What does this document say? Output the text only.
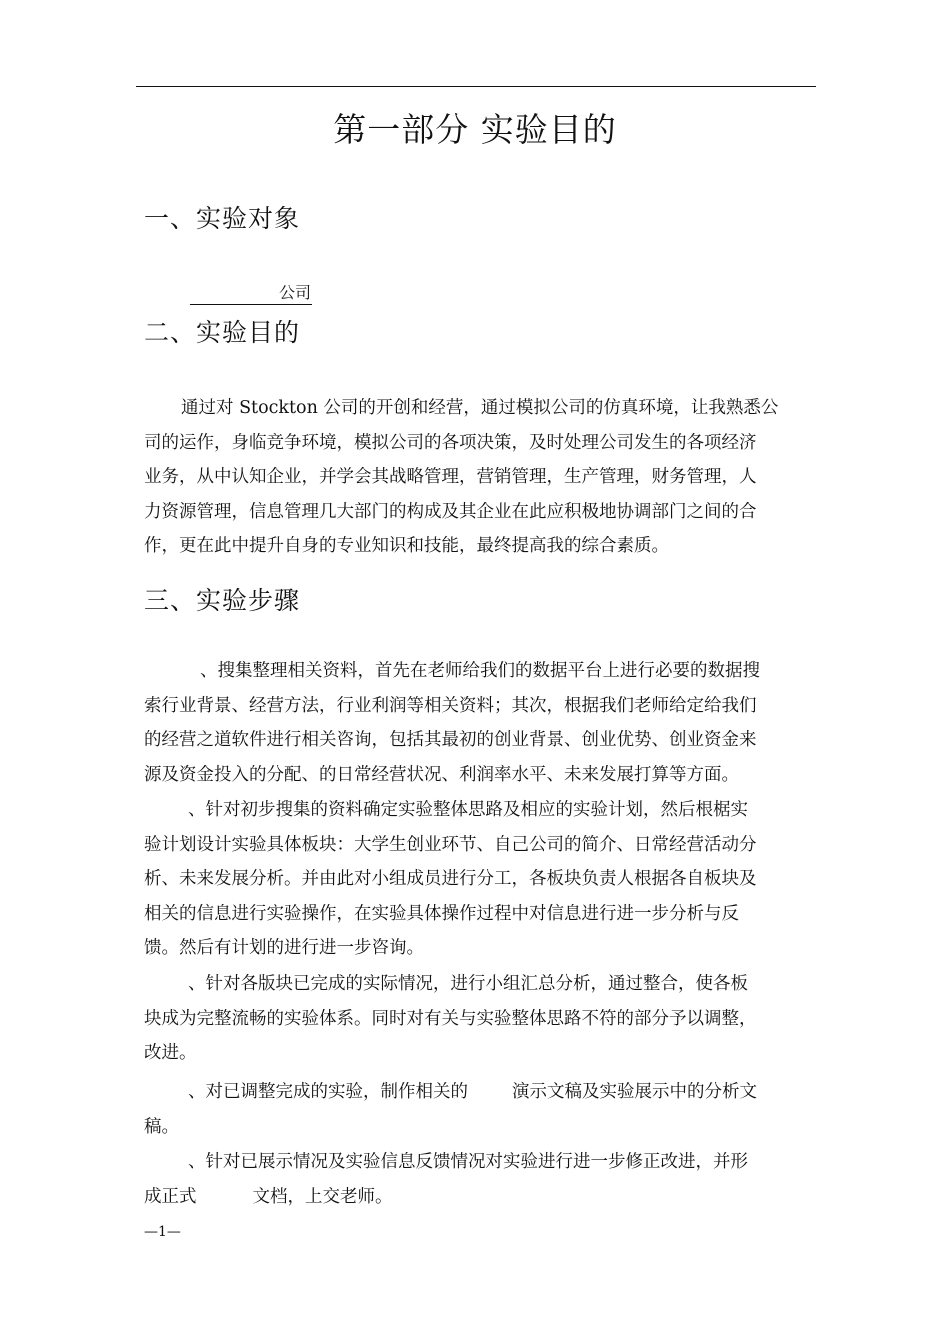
第一部分 实验目的
一、实验对象
公司
二、实验目的
通过对 Stockton 公司的开创和经营，通过模拟公司的仿真环境，让我熟悉公
司的运作，身临竞争环境，模拟公司的各项决策，及时处理公司发生的各项经济
业务，从中认知企业，并学会其战略管理，营销管理，生产管理，财务管理，人
力资源管理，信息管理几大部门的构成及其企业在此应积极地协调部门之间的合
作，更在此中提升自身的专业知识和技能，最终提高我的综合素质。
三、实验步骤
、搜集整理相关资料，首先在老师给我们的数据平台上进行必要的数据搜
索行业背景、经营方法，行业利润等相关资料；其次，根据我们老师给定给我们
的经营之道软件进行相关咨询，包括其最初的创业背景、创业优势、创业资金来
源及资金投入的分配、的日常经营状况、利润率水平、未来发展打算等方面。
、针对初步搜集的资料确定实验整体思路及相应的实验计划，然后根椐实
验计划设计实验具体板块：大学生创业环节、自己公司的简介、日常经营活动分
析、未来发展分析。并由此对小组成员进行分工，各板块负责人根据各自板块及
相关的信息进行实验操作，在实验具体操作过程中对信息进行进一步分析与反
馈。然后有计划的进行进一步咨询。
、针对各版块已完成的实际情况，进行小组汇总分析，通过整合，使各板
块成为完整流畅的实验体系。同时对有关与实验整体思路不符的部分予以调整，
改进。
、对已调整完成的实验，制作相关的	演示文稿及实验展示中的分析文
稿。
、针对已展示情况及实验信息反馈情况对实验进行进一步修正改进，并形
成正式	文档，上交老师。
—1—
